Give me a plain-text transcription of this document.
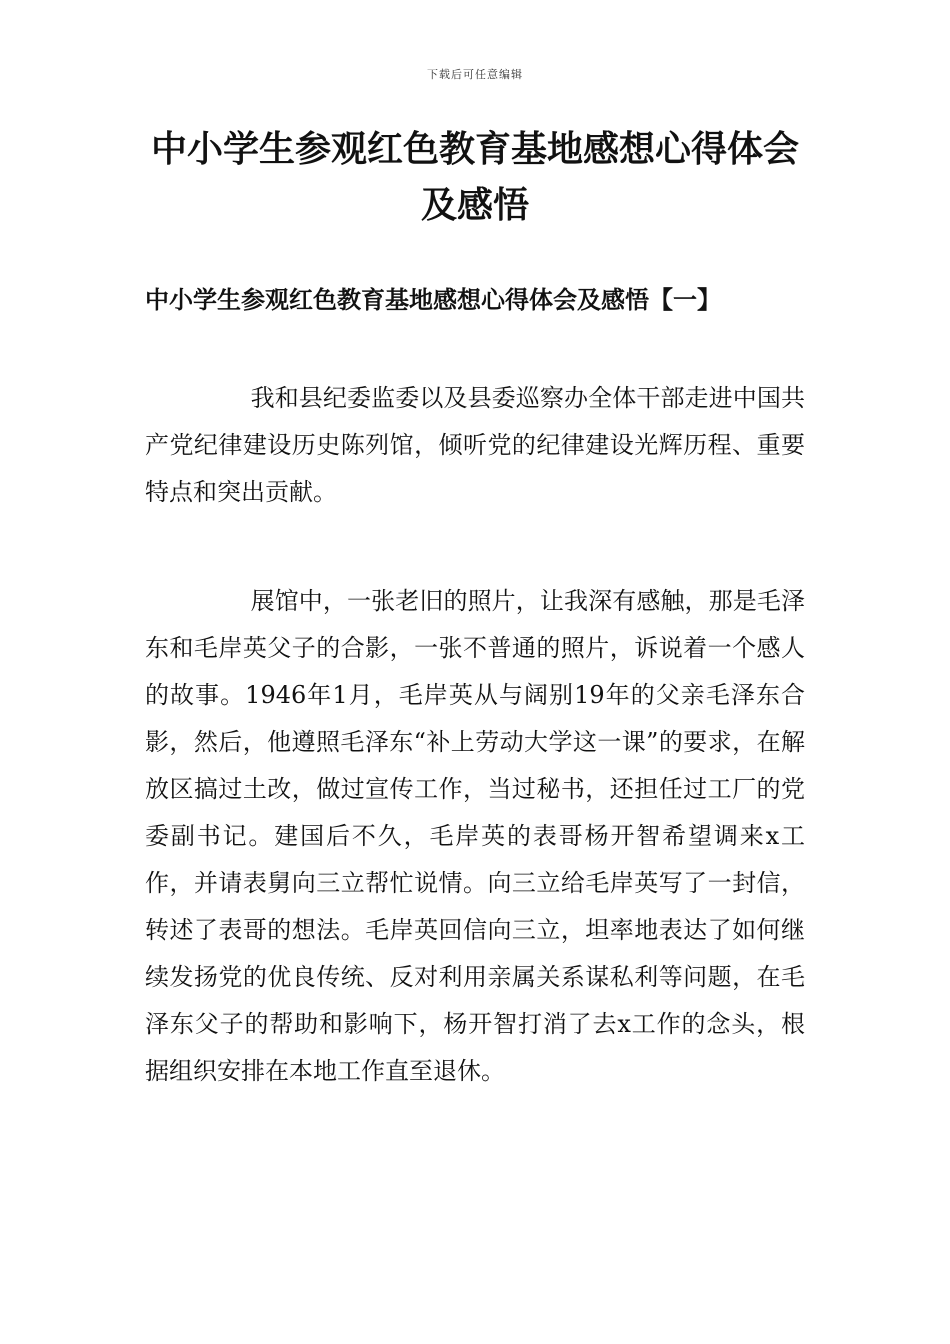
下载后可任意编辑
中小学生参观红色教育基地感想心得体会及感悟
中小学生参观红色教育基地感想心得体会及感悟【一】

我和县纪委监委以及县委巡察办全体干部走进中国共产党纪律建设历史陈列馆，倾听党的纪律建设光辉历程、重要特点和突出贡献。

展馆中，一张老旧的照片，让我深有感触，那是毛泽东和毛岸英父子的合影，一张不普通的照片，诉说着一个感人的故事。1946年1月，毛岸英从与阔别19年的父亲毛泽东合影，然后，他遵照毛泽东“补上劳动大学这一课”的要求，在解放区搞过土改，做过宣传工作，当过秘书，还担任过工厂的党委副书记。建国后不久，毛岸英的表哥杨开智希望调来x工作，并请表舅向三立帮忙说情。向三立给毛岸英写了一封信，转述了表哥的想法。毛岸英回信向三立，坦率地表达了如何继续发扬党的优良传统、反对利用亲属关系谋私利等问题，在毛泽东父子的帮助和影响下，杨开智打消了去x工作的念头，根据组织安排在本地工作直至退休。
